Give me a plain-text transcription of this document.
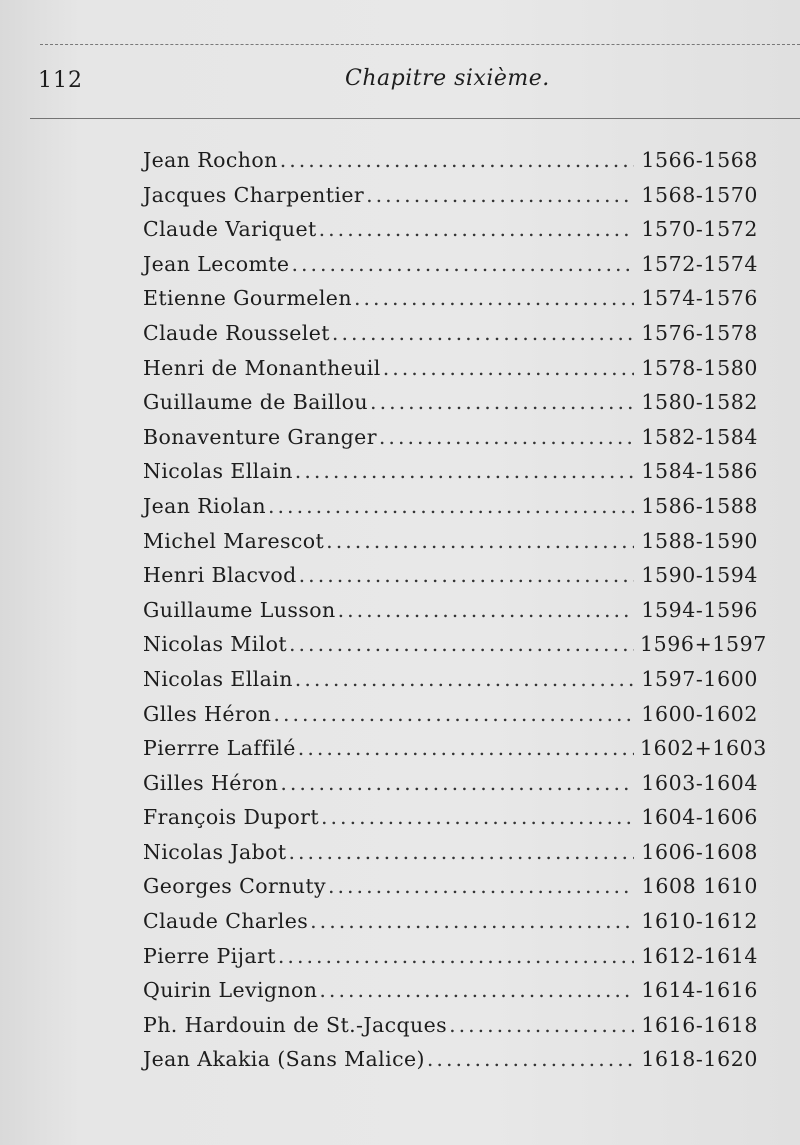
112	Chapitre sixième.
Jean Rochon .....	1566-1568
Jacques Charpentier .....	1568-1570
Claude Variquet .....	1570-1572
Jean Lecomte .....	1572-1574
Etienne Gourmelen .....	1574-1576
Claude Rousselet .....	1576-1578
Henri de Monantheuil .....	1578-1580
Guillaume de Baillou .....	1580-1582
Bonaventure Granger .....	1582-1584
Nicolas Ellain .....	1584-1586
Jean Riolan .....	1586-1588
Michel Marescot .....	1588-1590
Henri Blacvod .....	1590-1594
Guillaume Lusson .....	1594-1596
Nicolas Milot .....	1596+1597
Nicolas Ellain .....	1597-1600
Glles Héron .....	1600-1602
Pierrre Laffilé .....	1602+1603
Gilles Héron .....	1603-1604
François Duport .....	1604-1606
Nicolas Jabot .....	1606-1608
Georges Cornuty .....	1608 1610
Claude Charles .....	1610-1612
Pierre Pijart .....	1612-1614
Quirin Levignon .....	1614-1616
Ph. Hardouin de St.-Jacques .....	1616-1618
Jean Akakia (Sans Malice) .....	1618-1620
